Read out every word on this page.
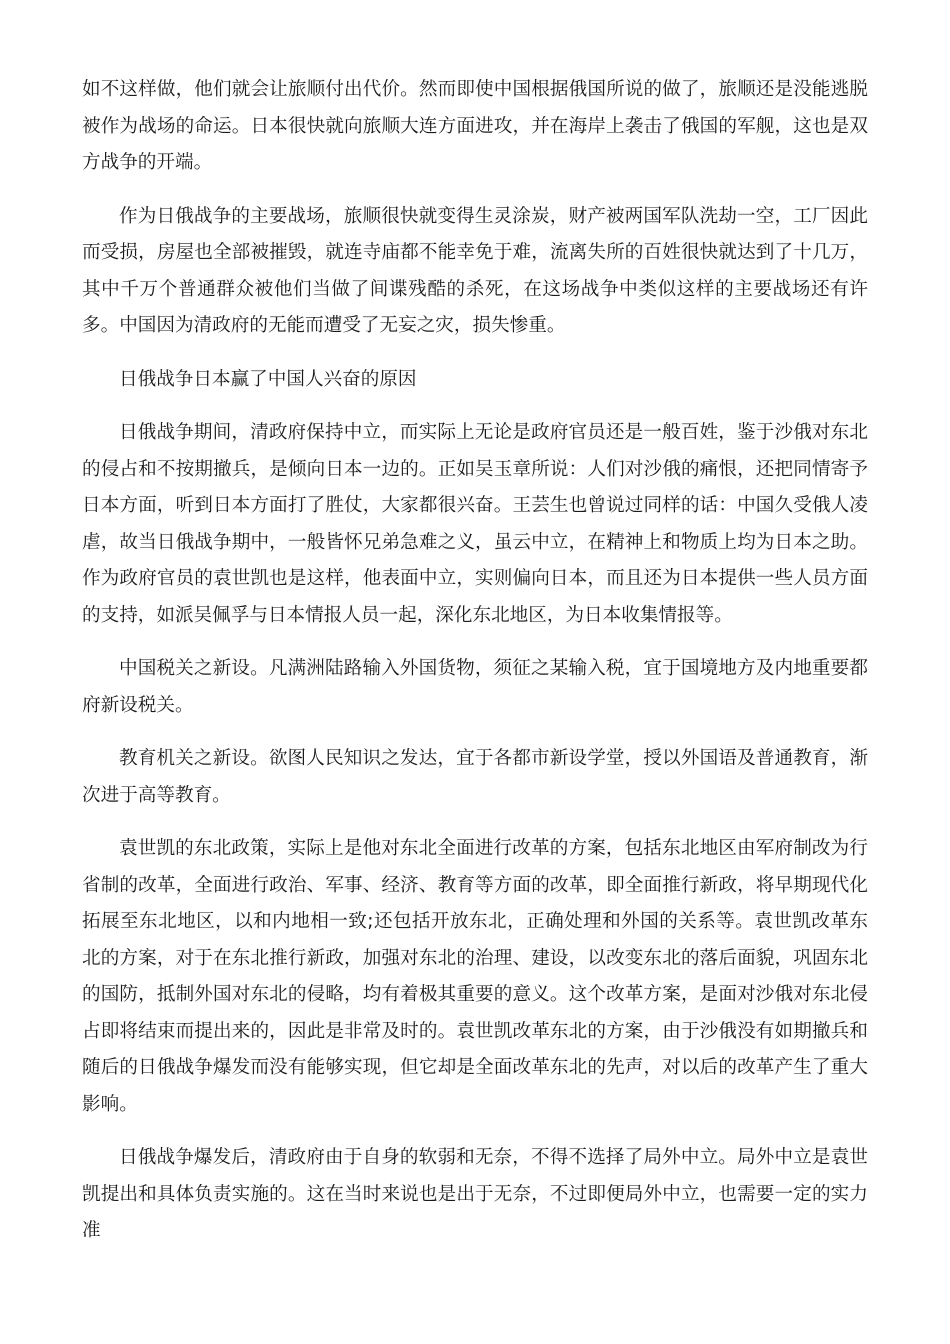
如不这样做，他们就会让旅顺付出代价。然而即使中国根据俄国所说的做了，旅顺还是没能逃脱被作为战场的命运。日本很快就向旅顺大连方面进攻，并在海岸上袭击了俄国的军舰，这也是双方战争的开端。

作为日俄战争的主要战场，旅顺很快就变得生灵涂炭，财产被两国军队洗劫一空，工厂因此而受损，房屋也全部被摧毁，就连寺庙都不能幸免于难，流离失所的百姓很快就达到了十几万，其中千万个普通群众被他们当做了间谍残酷的杀死，在这场战争中类似这样的主要战场还有许多。中国因为清政府的无能而遭受了无妄之灾，损失惨重。

日俄战争日本赢了中国人兴奋的原因

日俄战争期间，清政府保持中立，而实际上无论是政府官员还是一般百姓，鉴于沙俄对东北的侵占和不按期撤兵，是倾向日本一边的。正如吴玉章所说：人们对沙俄的痛恨，还把同情寄予日本方面，听到日本方面打了胜仗，大家都很兴奋。王芸生也曾说过同样的话：中国久受俄人凌虐，故当日俄战争期中，一般皆怀兄弟急难之义，虽云中立，在精神上和物质上均为日本之助。作为政府官员的袁世凯也是这样，他表面中立，实则偏向日本，而且还为日本提供一些人员方面的支持，如派吴佩孚与日本情报人员一起，深化东北地区，为日本收集情报等。

中国税关之新设。凡满洲陆路输入外国货物，须征之某输入税，宜于国境地方及内地重要都府新设税关。

教育机关之新设。欲图人民知识之发达，宜于各都市新设学堂，授以外国语及普通教育，渐次进于高等教育。

袁世凯的东北政策，实际上是他对东北全面进行改革的方案，包括东北地区由军府制改为行省制的改革，全面进行政治、军事、经济、教育等方面的改革，即全面推行新政，将早期现代化拓展至东北地区，以和内地相一致;还包括开放东北，正确处理和外国的关系等。袁世凯改革东北的方案，对于在东北推行新政，加强对东北的治理、建设，以改变东北的落后面貌，巩固东北的国防，抵制外国对东北的侵略，均有着极其重要的意义。这个改革方案，是面对沙俄对东北侵占即将结束而提出来的，因此是非常及时的。袁世凯改革东北的方案，由于沙俄没有如期撤兵和随后的日俄战争爆发而没有能够实现，但它却是全面改革东北的先声，对以后的改革产生了重大影响。

日俄战争爆发后，清政府由于自身的软弱和无奈，不得不选择了局外中立。局外中立是袁世凯提出和具体负责实施的。这在当时来说也是出于无奈，不过即便局外中立，也需要一定的实力准
